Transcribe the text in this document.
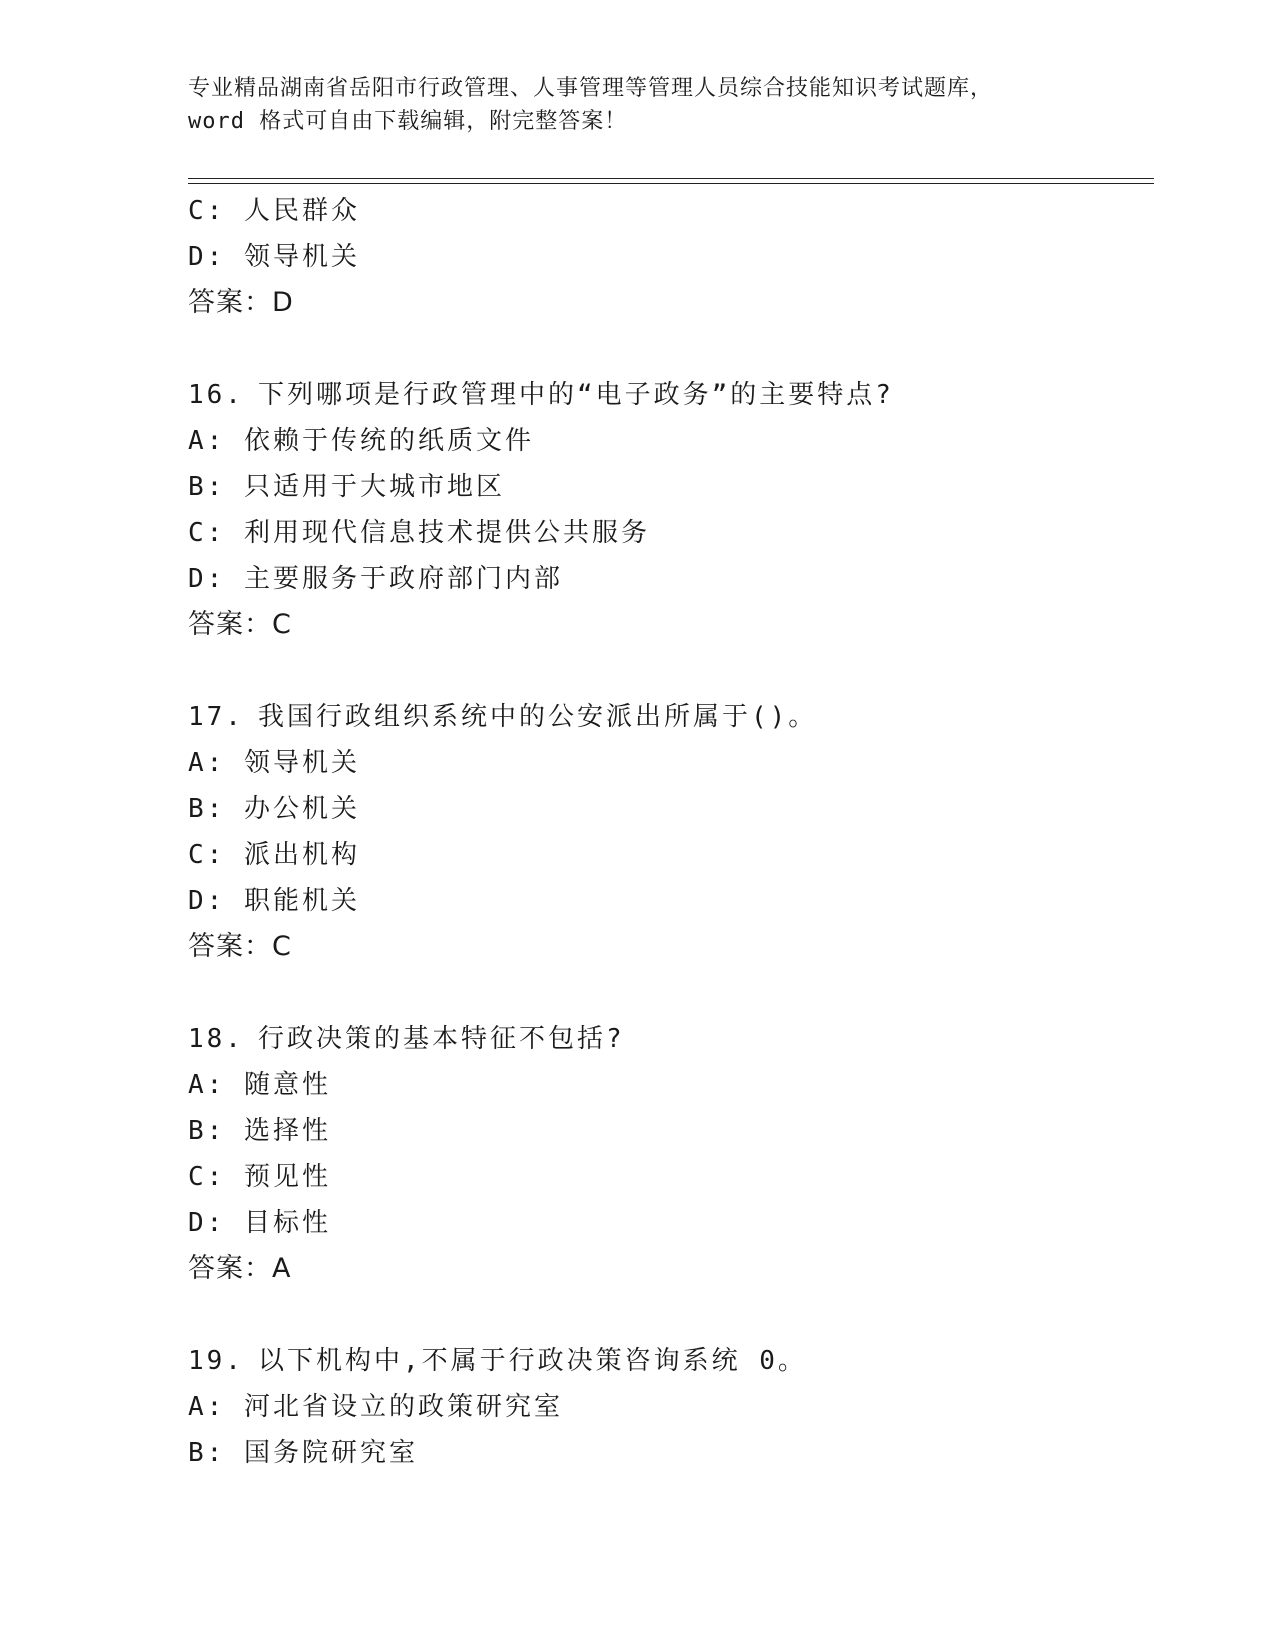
专业精品湖南省岳阳市行政管理、人事管理等管理人员综合技能知识考试题库，
word 格式可自由下载编辑，附完整答案！
C: 人民群众
D: 领导机关
答案：D
16. 下列哪项是行政管理中的“电子政务”的主要特点?
A: 依赖于传统的纸质文件
B: 只适用于大城市地区
C: 利用现代信息技术提供公共服务
D: 主要服务于政府部门内部
答案：C
17. 我国行政组织系统中的公安派出所属于()。
A: 领导机关
B: 办公机关
C: 派出机构
D: 职能机关
答案：C
18. 行政决策的基本特征不包括?
A: 随意性
B: 选择性
C: 预见性
D: 目标性
答案：A
19. 以下机构中,不属于行政决策咨询系统 0。
A: 河北省设立的政策研究室
B: 国务院研究室
